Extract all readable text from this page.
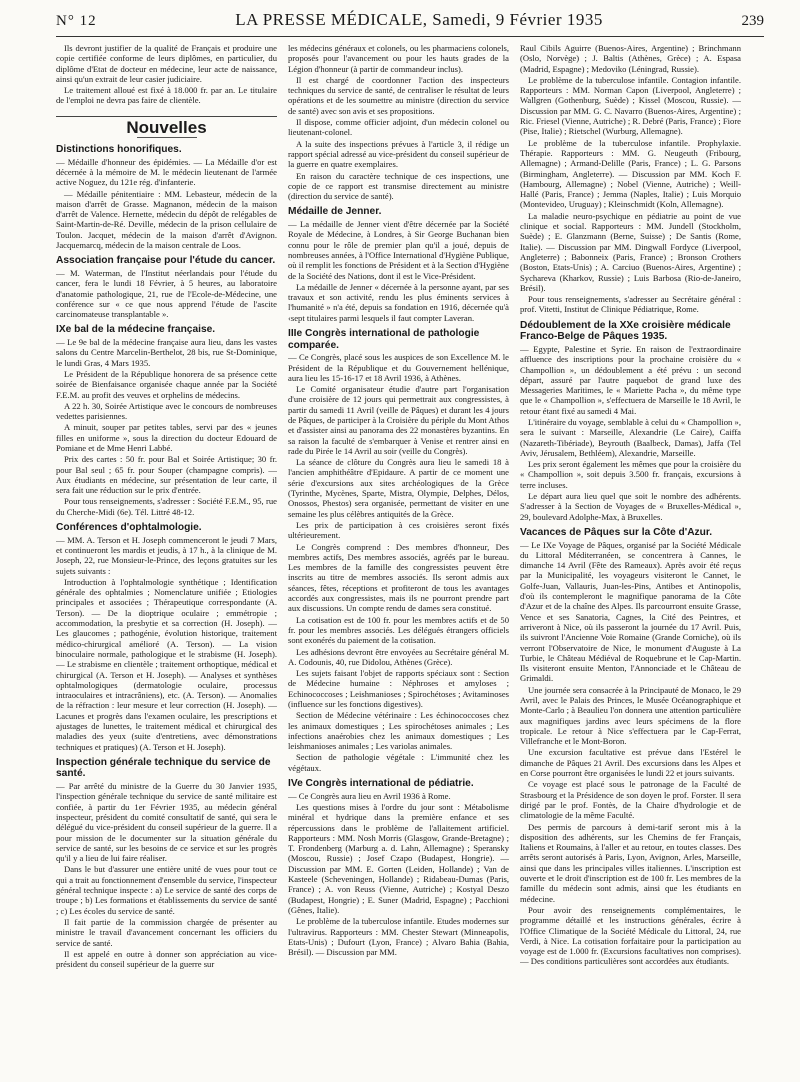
N° 12	LA PRESSE MÉDICALE, Samedi, 9 Février 1935	239

Ils devront justifier de la qualité de Français et produire une copie certifiée conforme de leurs diplômes, en particulier, du diplôme d'Etat de docteur en médecine, leur acte de naissance, ainsi qu'un extrait de leur casier judiciaire.

Le traitement alloué est fixé à 18.000 fr. par an. Le titulaire de l'emploi ne devra pas faire de clientèle.

Nouvelles
Distinctions honorifiques.

— Médaille d'honneur des épidémies. — La Médaille d'or est décernée à la mémoire de M. le médecin lieutenant de l'armée active Noguez, du 121e rég. d'infanterie.

— Médaille pénitentiaire : MM. Lebasteur, médecin de la maison d'arrêt de Grasse. Magnanon, médecin de la maison d'arrêt de Valence. Hernette, médecin du dépôt de relégables de Saint-Martin-de-Ré. Deville, médecin de la prison cellulaire de Toulon. Jacquet, médecin de la maison d'arrêt d'Avignon. Jacquemarcq, médecin de la maison centrale de Loos.

Association française pour l'étude du cancer.

— M. Waterman, de l'Institut néerlandais pour l'étude du cancer, fera le lundi 18 Février, à 5 heures, au laboratoire d'anatomie pathologique, 21, rue de l'Ecole-de-Médecine, une conférence sur « ce que nous apprend l'étude de l'ascite carcinomateuse transplantable ».

IXe bal de la médecine française.

— Le 9e bal de la médecine française aura lieu, dans les vastes salons du Centre Marcelin-Berthelot, 28 bis, rue St-Dominique, le lundi Gras, 4 Mars 1935.

Le Président de la République honorera de sa présence cette soirée de Bienfaisance organisée chaque année par la Société F.E.M. au profit des veuves et orphelins de médecins.

A 22 h. 30, Soirée Artistique avec le concours de nombreuses vedettes parisiennes.

A minuit, souper par petites tables, servi par des « jeunes filles en uniforme », sous la direction du docteur Edouard de Pomiane et de Mme Henri Labbé.

Prix des cartes : 50 fr. pour Bal et Soirée Artistique; 30 fr. pour Bal seul ; 65 fr. pour Souper (champagne compris). — Aux étudiants en médecine, sur présentation de leur carte, il sera fait une réduction sur le prix d'entrée.

Pour tous renseignements, s'adresser : Société F.E.M., 95, rue du Cherche-Midi (6e). Tél. Littré 48-12.

Conférences d'ophtalmologie.

— MM. A. Terson et H. Joseph commenceront le jeudi 7 Mars, et continueront les mardis et jeudis, à 17 h., à la clinique de M. Joseph, 22, rue Monsieur-le-Prince, des leçons gratuites sur les sujets suivants :

Introduction à l'ophtalmologie synthétique ; Identification générale des ophtalmies ; Nomenclature unifiée ; Etiologies principales et associées ; Thérapeutique correspondante (A. Terson). — De la dioptrique oculaire ; emmétropie ; accommodation, la presbytie et sa correction (H. Joseph). — Les glaucomes ; pathogénie, évolution historique, traitement médico-chirurgical amélioré (A. Terson). — La vision binoculaire normale, pathologique et le strabisme (H. Joseph). — Le strabisme en clientèle ; traitement orthoptique, médical et chirurgical (A. Terson et H. Joseph). — Analyses et synthèses ophtalmologiques (dermatologie oculaire, processus intraoculaires et intracrâniens), etc. (A. Terson). — Anomalies de la réfraction : leur mesure et leur correction (H. Joseph). — Lacunes et progrès dans l'examen oculaire, les prescriptions et ajustages de lunettes, le traitement médical et chirurgical des maladies des yeux (suite d'entretiens, avec démonstrations techniques et pratiques) (A. Terson et H. Joseph).

Inspection générale technique du service de santé.

— Par arrêté du ministre de la Guerre du 30 Janvier 1935, l'inspection générale technique du service de santé militaire est confiée, à partir du 1er Février 1935, au médecin général inspecteur, président du comité consultatif de santé, qui sera le délégué du vice-président du conseil supérieur de la guerre. Il a pour mission de le documenter sur la situation générale du service de santé, sur les besoins de ce service et sur les progrès qu'il y a lieu de lui faire réaliser.

Dans le but d'assurer une entière unité de vues pour tout ce qui a trait au fonctionnement d'ensemble du service, l'inspecteur général technique inspecte : a) Le service de santé des corps de troupe ; b) Les formations et établissements du service de santé ; c) Les écoles du service de santé.

Il fait partie de la commission chargée de présenter au ministre le travail d'avancement concernant les officiers du service de santé.

Il est appelé en outre à donner son appréciation au vice-président du conseil supérieur de la guerre sur

les médecins généraux et colonels, ou les pharmaciens colonels, proposés pour l'avancement ou pour les hauts grades de la Légion d'honneur (à partir de commandeur inclus).

Il est chargé de coordonner l'action des inspecteurs techniques du service de santé, de centraliser le résultat de leurs opérations et de les soumettre au ministre (direction du service de santé) avec son avis et ses propositions.

Il dispose, comme officier adjoint, d'un médecin colonel ou lieutenant-colonel.

A la suite des inspections prévues à l'article 3, il rédige un rapport spécial adressé au vice-président du conseil supérieur de la guerre en quatre exemplaires.

En raison du caractère technique de ces inspections, une copie de ce rapport est transmise directement au ministre (direction du service de santé).

Médaille de Jenner.

— La médaille de Jenner vient d'être décernée par la Société Royale de Médecine, à Londres, à Sir George Buchanan bien connu pour le rôle de premier plan qu'il a joué, depuis de nombreuses années, à l'Office International d'Hygiène Publique, où il remplit les fonctions de Président et à la Section d'Hygiène de la Société des Nations, dont il est le Vice-Président.

La médaille de Jenner « décernée à la personne ayant, par ses travaux et son activité, rendu les plus éminents services à l'humanité » n'a été, depuis sa fondation en 1916, décernée qu'à ‹sept titulaires parmi lesquels il faut compter Laveran.

IIIe Congrès international de pathologie comparée.

— Ce Congrès, placé sous les auspices de son Excellence M. le Président de la République et du Gouvernement hellénique, aura lieu les 15-16-17 et 18 Avril 1936, à Athènes.

Le Comité organisateur étudie d'autre part l'organisation d'une croisière de 12 jours qui permettrait aux congressistes, à partir du samedi 11 Avril (veille de Pâques) et durant les 4 jours de Pâques, de participer à la Croisière du périple du Mont Athos et d'assister ainsi au panorama des 22 monastères byzantins. En sa raison la faculté de s'embarquer à Venise et rentrer ainsi en rade du Pirée le 14 Avril au soir (veille du Congrès).

La séance de clôture du Congrès aura lieu le samedi 18 à l'ancien amphithéâtre d'Epidaure. A partir de ce moment une série d'excursions aux sites archéologiques de la Grèce (Tyrinthe, Mycènes, Sparte, Mistra, Olympie, Delphes, Délos, Onossos, Phestos) sera organisée, permettant de visiter en une semaine les plus célèbres antiquités de la Grèce.

Les prix de participation à ces croisières seront fixés ultérieurement.

Le Congrès comprend : Des membres d'honneur, Des membres actifs, Des membres associés, agréés par le bureau. Les membres de la famille des congressistes peuvent être inscrits au titre de membres associés. Ils seront admis aux séances, fêtes, réceptions et profiteront de tous les avantages accordés aux congressistes, mais ils ne pourront prendre part aux discussions. Un compte rendu de dames sera constitué.

La cotisation est de 100 fr. pour les membres actifs et de 50 fr. pour les membres associés. Les délégués étrangers officiels sont exonérés du paiement de la cotisation.

Les adhésions devront être envoyées au Secrétaire général M. A. Codounis, 40, rue Didolou, Athènes (Grèce).

Les sujets faisant l'objet de rapports spéciaux sont : Section de Médecine humaine : Néphroses et amyloses ; Echinococcoses ; Leishmanioses ; Spirochétoses ; Avitaminoses (influence sur les fonctions digestives).

Section de Médecine vétérinaire : Les échinococcoses chez les animaux domestiques ; Les spirochétoses animales ; Les infections anaérobies chez les animaux domestiques ; Les leishmanioses animales ; Les variolas animales.

Section de pathologie végétale : L'immunité chez les végétaux.

IVe Congrès international de pédiatrie.

— Ce Congrès aura lieu en Avril 1936 à Rome.

Les questions mises à l'ordre du jour sont : Métabolisme minéral et hydrique dans la première enfance et ses répercussions dans le problème de l'allaitement artificiel. Rapporteurs : MM. Nosh Morris (Glasgow, Grande-Bretagne) ; T. Frondenberg (Marburg a. d. Lahn, Allemagne) ; Speransky (Moscou, Russie) ; Josef Czapo (Budapest, Hongrie). — Discussion par MM. E. Gorten (Leiden, Hollande) ; Van de Kasteele (Scheveningen, Hollande) ; Ridabeau-Dumas (Paris, France) ; A. von Reuss (Vienne, Autriche) ; Kostyal Deszo (Budapest, Hongrie) ; E. Suner (Madrid, Espagne) ; Pacchioni (Gênes, Italie).

Le problème de la tuberculose infantile. Etudes modernes sur l'ultravirus. Rapporteurs : MM. Chester Stewart (Minneapolis, Etats-Unis) ; Dufourt (Lyon, France) ; Alvaro Bahia (Bahia, Brésil). — Discussion par MM.

Raul Cibils Aguirre (Buenos-Aires, Argentine) ; Brinchmann (Oslo, Norvège) ; J. Baltis (Athènes, Grèce) ; A. Espasa (Madrid, Espagne) ; Medoviko (Léningrad, Russie).

Le problème de la tuberculose infantile. Contagion infantile. Rapporteurs : MM. Norman Capon (Liverpool, Angleterre) ; Wallgren (Gothenburg, Suède) ; Kissel (Moscou, Russie). — Discussion par MM. G. C. Navarro (Buenos-Aires, Argentine) ; Ric. Friesel (Vienne, Autriche) ; R. Debré (Paris, France) ; Fiore (Pise, Italie) ; Rietschel (Wurburg, Allemagne).

Le problème de la tuberculose infantile. Prophylaxie. Thérapie. Rapporteurs : MM. G. Neugeuth (Fribourg, Allemagne) ; Armand-Delille (Paris, France) ; L. G. Parsons (Birmingham, Angleterre). — Discussion par MM. Koch F. (Hambourg, Allemagne) ; Nobel (Vienne, Autriche) ; Weill-Hallé (Paris, France) ; Jemma (Naples, Italie) ; Luis Morquio (Montevideo, Uruguay) ; Kleinschmidt (Koln, Allemagne).

La maladie neuro-psychique en pédiatrie au point de vue clinique et social. Rapporteurs : MM. Jundell (Stockholm, Suède) ; E. Glanzmann (Berne, Suisse) ; De Santis (Rome, Italie). — Discussion par MM. Dingwall Fordyce (Liverpool, Angleterre) ; Babonneix (Paris, France) ; Bronson Crothers (Boston, Etats-Unis) ; A. Carciuo (Buenos-Aires, Argentine) ; Sycharevа (Kharkov, Russie) ; Luis Barbosa (Rio-de-Janeiro, Brésil).

Pour tous renseignements, s'adresser au Secrétaire général : prof. Vitetti, Institut de Clinique Pédiatrique, Rome.

Dédoublement de la XXe croisière médicale Franco-Belge de Pâques 1935.

— Egypte, Palestine et Syrie. En raison de l'extraordinaire affluence des inscriptions pour la prochaine croisière du « Champollion », un dédoublement a été prévu : un second départ, assuré par l'autre paquebot de grand luxe des Messageries Maritimes, le « Mariette Pacha », du même type que le « Champollion », s'effectuera de Marseille le 18 Avril, le retour étant fixé au samedi 4 Mai.

L'itinéraire du voyage, semblable à celui du « Champollion », sera le suivant : Marseille, Alexandrie (Le Caire), Caiffa (Nazareth-Tibériade), Beyrouth (Baalbeck, Damas), Jaffa (Tel Aviv, Jérusalem, Bethléem), Alexandrie, Marseille.

Les prix seront également les mêmes que pour la croisière du « Champollion », soit depuis 3.500 fr. français, excursions à terre incluses.

Le départ aura lieu quel que soit le nombre des adhérents. S'adresser à la Section de Voyages de « Bruxelles-Médical », 29, boulevard Adolphe-Max, à Bruxelles.

Vacances de Pâques sur la Côte d'Azur.

— Le IXe Voyage de Pâques, organisé par la Société Médicale du Littoral Méditerranéen, se concentrera à Cannes, le dimanche 14 Avril (Fête des Rameaux). Après avoir été reçus par la Municipalité, les voyageurs visiteront le Cannet, le Golfe-Juan, Vallauris, Juan-les-Pins, Antibes et Antinopolis, d'où ils contempleront le magnifique panorama de la Côte d'Azur et de la chaîne des Alpes. Ils parcourront ensuite Grasse, Vence et ses Sanatoria, Cagnes, la Cité des Peintres, et arriveront à Nice, où ils passeront la journée du 17 Avril. Puis, ils suivront l'Ancienne Voie Romaine (Grande Corniche), où ils verront l'Observatoire de Nice, le monument d'Auguste à La Turbie, le Château Médiéval de Roquebrune et le Cap-Martin. Ils visiteront ensuite Menton, l'Annonciade et le Château de Grimaldi.

Une journée sera consacrée à la Principauté de Monaco, le 29 Avril, avec le Palais des Princes, le Musée Océanographique et Monte-Carlo ; à Beaulieu l'on donnera une attention particulière aux magnifiques jardins avec leurs spécimens de la flore tropicale. Le retour à Nice s'effectuera par le Cap-Ferrat, Villefranche et le Mont-Boron.

Une excursion facultative est prévue dans l'Estérel le dimanche de Pâques 21 Avril. Des excursions dans les Alpes et en Corse pourront être organisées le lundi 22 et jours suivants.

Ce voyage est placé sous le patronage de la Faculté de Strasbourg et la Présidence de son doyen le prof. Forster. Il sera dirigé par le prof. Fontès, de la Chaire d'hydrologie et de climatologie de la même Faculté.

Des permis de parcours à demi-tarif seront mis à la disposition des adhérents, sur les Chemins de fer Français, Italiens et Roumains, à l'aller et au retour, en toutes classes. Des arrêts seront autorisés à Paris, Lyon, Avignon, Arles, Marseille, ainsi que dans les principales villes italiennes. L'inscription est ouverte et le droit d'inscription est de 100 fr. Les membres de la famille du médecin sont admis, ainsi que les étudiants en médecine.

Pour avoir des renseignements complémentaires, le programme détaillé et les instructions générales, écrire à l'Office Climatique de la Société Médicale du Littoral, 24, rue Verdi, à Nice. La cotisation forfaitaire pour la participation au voyage est de 1.000 fr. (Excursions facultatives non comprises). — Des conditions particulières sont accordées aux étudiants.
